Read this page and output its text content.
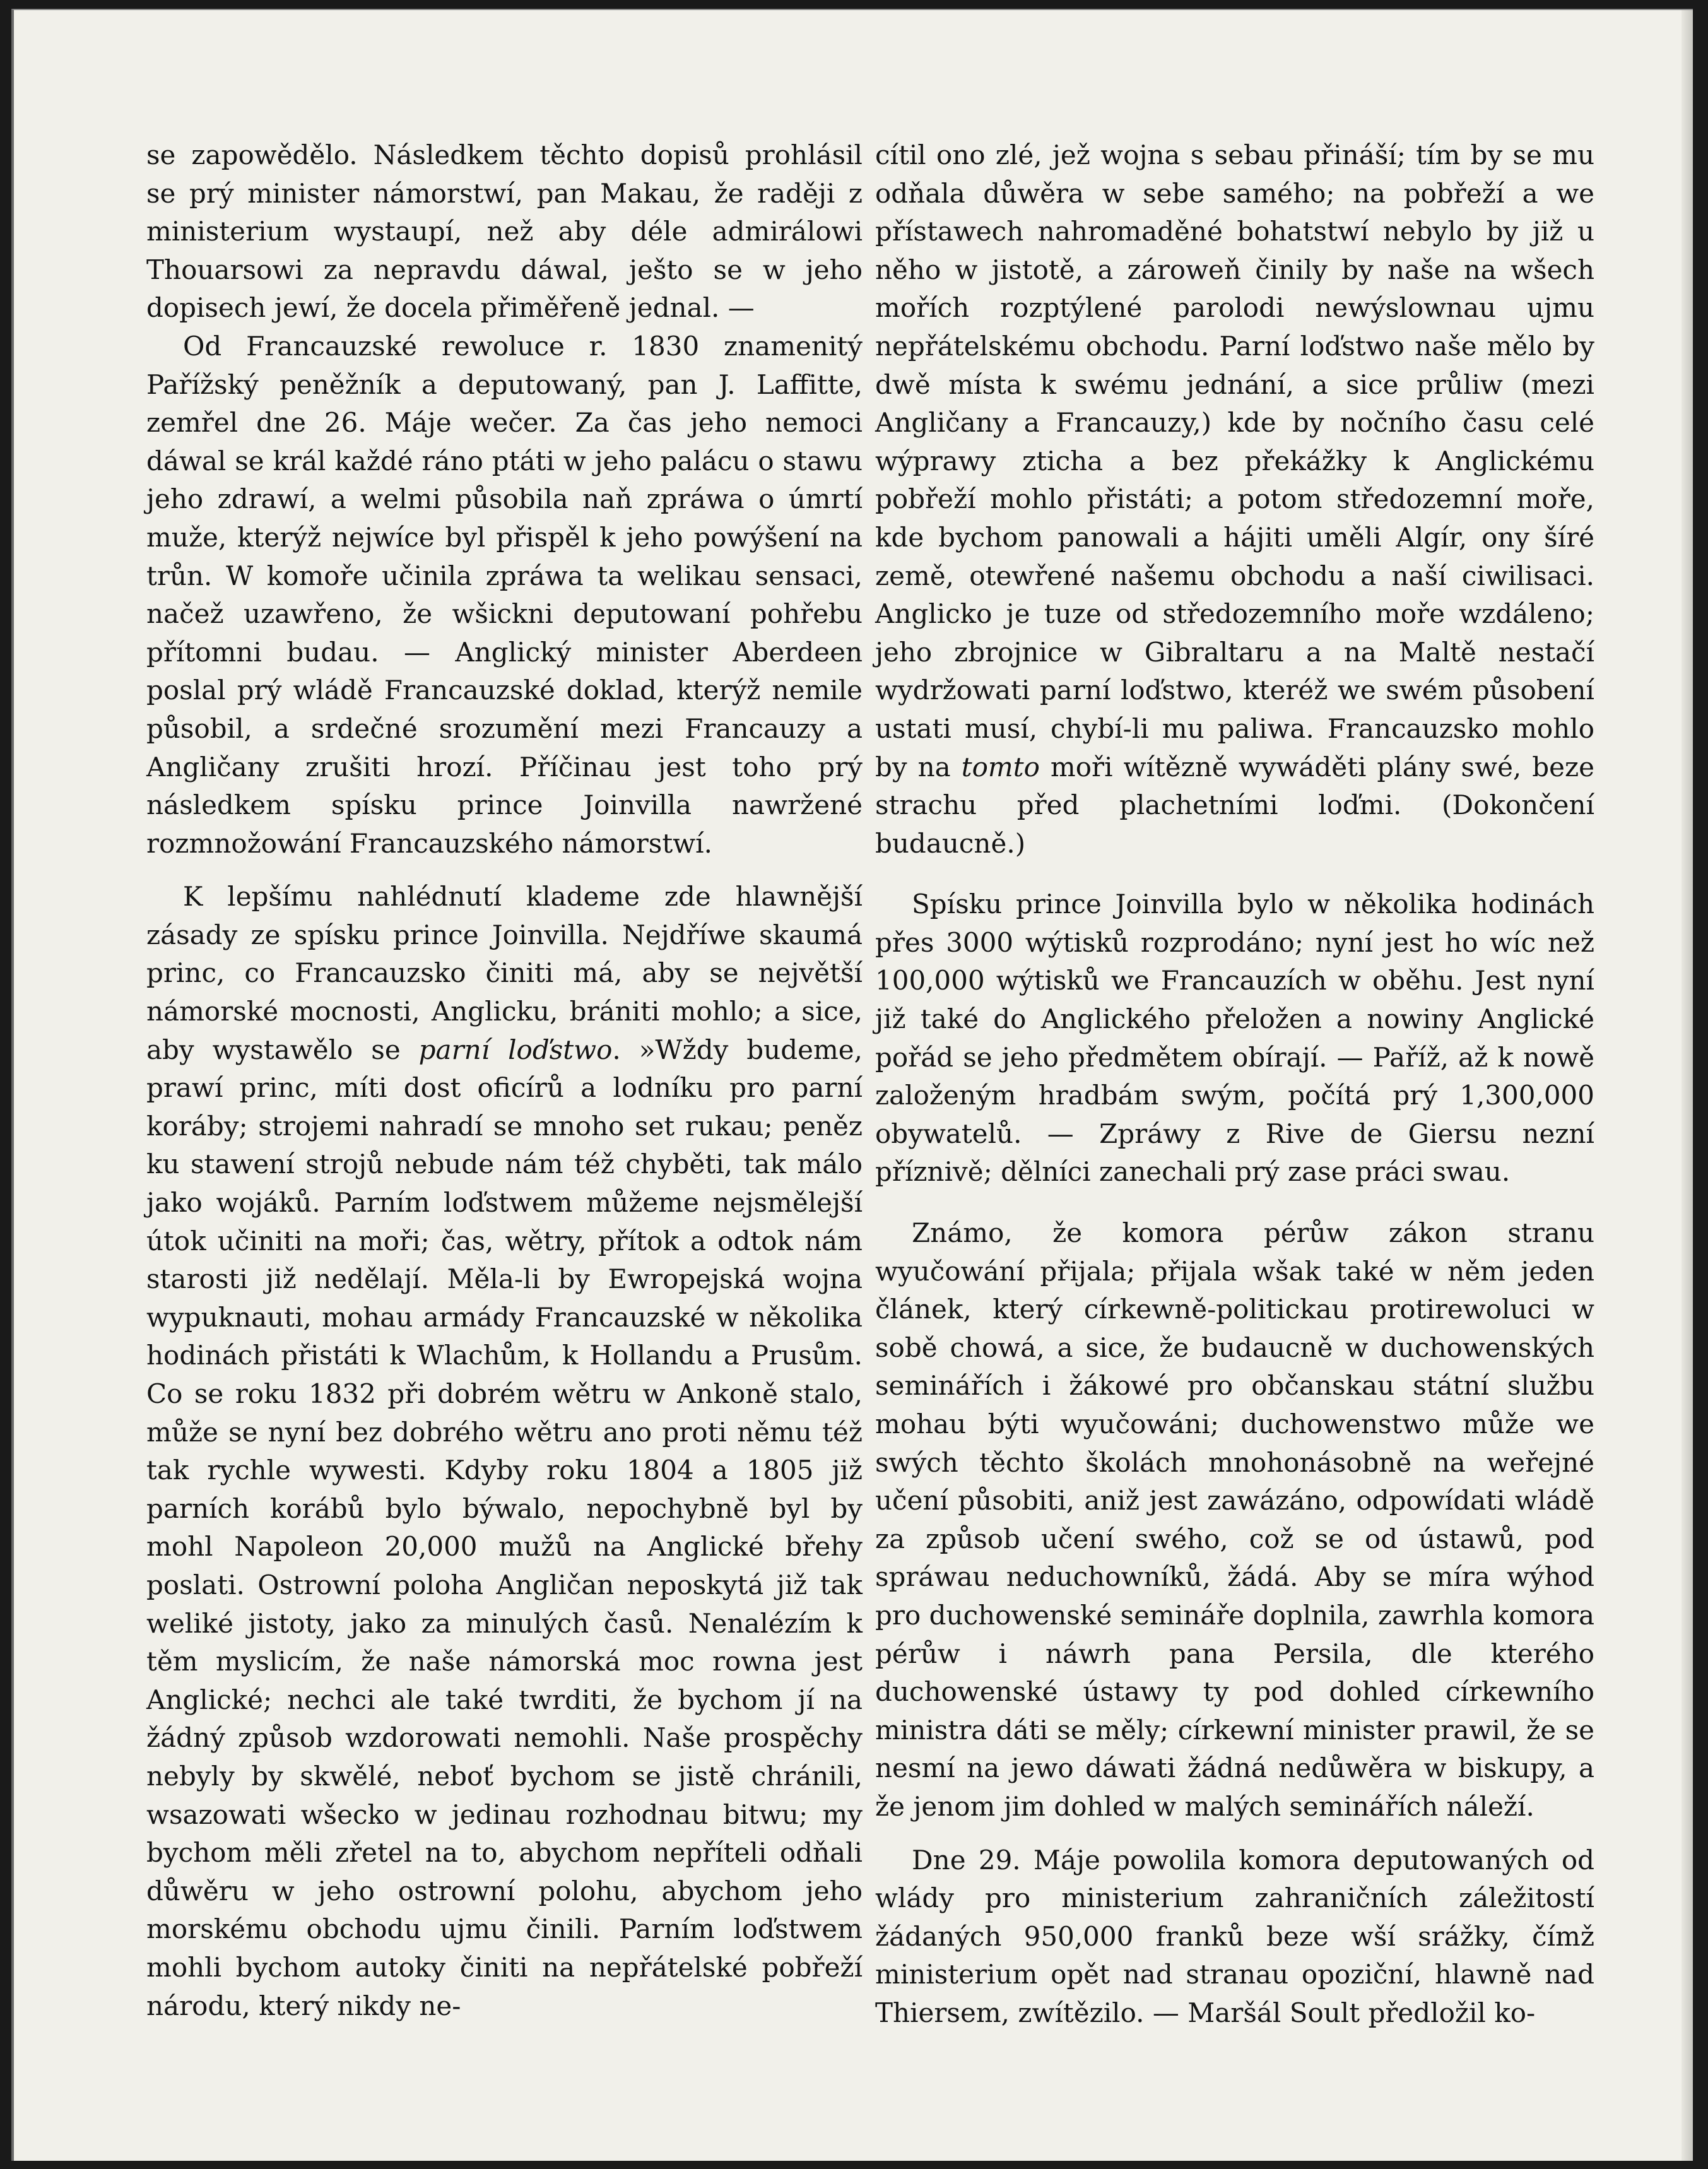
se zapowědělo. Následkem těchto dopisů prohlásil se prý minister námorstwí, pan Makau, že raději z ministerium wystaupí, než aby déle admirálowi Thouarsowi za nepravdu dáwal, ješto se w jeho dopisech jewí, že docela přiměřeně jednal. —

Od Francauzské rewoluce r. 1830 znamenitý Pařížský peněžník a deputowaný, pan J. Laffitte, zemřel dne 26. Máje wečer. Za čas jeho nemoci dáwal se král každé ráno ptáti w jeho palácu o stawu jeho zdrawí, a welmi působila naň zpráwa o úmrtí muže, kterýž nejwíce byl přispěl k jeho powýšení na trůn. W komoře učinila zpráwa ta welikau sensaci, načež uzawřeno, že wšickni deputowaní pohřebu přítomni budau. — Anglický minister Aberdeen poslal prý wládě Francauzské doklad, kterýž nemile působil, a srdečné srozumění mezi Francauzy a Angličany zrušiti hrozí. Příčinau jest toho prý následkem spísku prince Joinvilla nawržené rozmnožowání Francauzského námorstwí.

K lepšímu nahlédnutí klademe zde hlawnější zásady ze spísku prince Joinvilla. Nejdříwe skaumá princ, co Francauzsko činiti má, aby se největší námorské mocnosti, Anglicku, brániti mohlo; a sice, aby wystawělo se parní loďstwo. »Wždy budeme, prawí princ, míti dost oficírů a lodníku pro parní koráby; strojemi nahradí se mnoho set rukau; peněz ku stawení strojů nebude nám též chyběti, tak málo jako wojáků. Parním loďstwem můžeme nejsmělejší útok učiniti na moři; čas, wětry, přítok a odtok nám starosti již nedělají. Měla-li by Ewropejská wojna wypuknauti, mohau armády Francauzské w několika hodinách přistáti k Wlachům, k Hollandu a Prusům. Co se roku 1832 při dobrém wětru w Ankoně stalo, může se nyní bez dobrého wětru ano proti němu též tak rychle wywesti. Kdyby roku 1804 a 1805 již parních korábů bylo býwalo, nepochybně byl by mohl Napoleon 20,000 mužů na Anglické břehy poslati. Ostrowní poloha Angličan neposkytá již tak weliké jistoty, jako za minulých časů. Nenalézím k těm myslicím, že naše námorská moc rowna jest Anglické; nechci ale také twrditi, že bychom jí na žádný způsob wzdorowati nemohli. Naše prospěchy nebyly by skwělé, neboť bychom se jistě chránili, wsazowati wšecko w jedinau rozhodnau bitwu; my bychom měli zřetel na to, abychom nepříteli odňali důwěru w jeho ostrowní polohu, abychom jeho morskému obchodu ujmu činili. Parním loďstwem mohli bychom autoky činiti na nepřátelské pobřeží národu, který nikdy ne-

cítil ono zlé, jež wojna s sebau přináší; tím by se mu odňala důwěra w sebe samého; na pobřeží a we přístawech nahromaděné bohatstwí nebylo by již u něho w jistotě, a zároweň činily by naše na wšech mořích rozptýlené parolodi newýslownau ujmu nepřátelskému obchodu. Parní loďstwo naše mělo by dwě místa k swému jednání, a sice průliw (mezi Angličany a Francauzy,) kde by nočního času celé wýprawy zticha a bez překážky k Anglickému pobřeží mohlo přistáti; a potom středozemní moře, kde bychom panowali a hájiti uměli Algír, ony šíré země, otewřené našemu obchodu a naší ciwilisaci. Anglicko je tuze od středozemního moře wzdáleno; jeho zbrojnice w Gibraltaru a na Maltě nestačí wydržowati parní loďstwo, kteréž we swém působení ustati musí, chybí-li mu paliwa. Francauzsko mohlo by na tomto moři wítězně wywáděti plány swé, beze strachu před plachetními loďmi. (Dokončení budaucně.)

Spísku prince Joinvilla bylo w několika hodinách přes 3000 wýtisků rozprodáno; nyní jest ho wíc než 100,000 wýtisků we Francauzích w oběhu. Jest nyní již také do Anglického přeložen a nowiny Anglické pořád se jeho předmětem obírají. — Paříž, až k nowě založeným hradbám swým, počítá prý 1,300,000 obywatelů. — Zpráwy z Rive de Giersu nezní příznivě; dělníci zanechali prý zase práci swau.

Známo, že komora pérůw zákon stranu wyučowání přijala; přijala wšak také w něm jeden článek, který církewně-politickau protirewoluci w sobě chowá, a sice, že budaucně w duchowenských seminářích i žákowé pro občanskau státní službu mohau býti wyučowáni; duchowenstwo může we swých těchto školách mnohonásobně na weřejné učení působiti, aniž jest zawázáno, odpowídati wládě za způsob učení swého, což se od ústawů, pod spráwau neduchowníků, žádá. Aby se míra wýhod pro duchowenské semináře doplnila, zawrhla komora pérůw i náwrh pana Persila, dle kterého duchowenské ústawy ty pod dohled církewního ministra dáti se měly; církewní minister prawil, že se nesmí na jewo dáwati žádná nedůwěra w biskupy, a že jenom jim dohled w malých seminářích náleží.

Dne 29. Máje powolila komora deputowaných od wlády pro ministerium zahraničních záležitostí žádaných 950,000 franků beze wší srážky, čímž ministerium opět nad stranau opoziční, hlawně nad Thiersem, zwítězilo. — Maršál Soult předložil ko-
